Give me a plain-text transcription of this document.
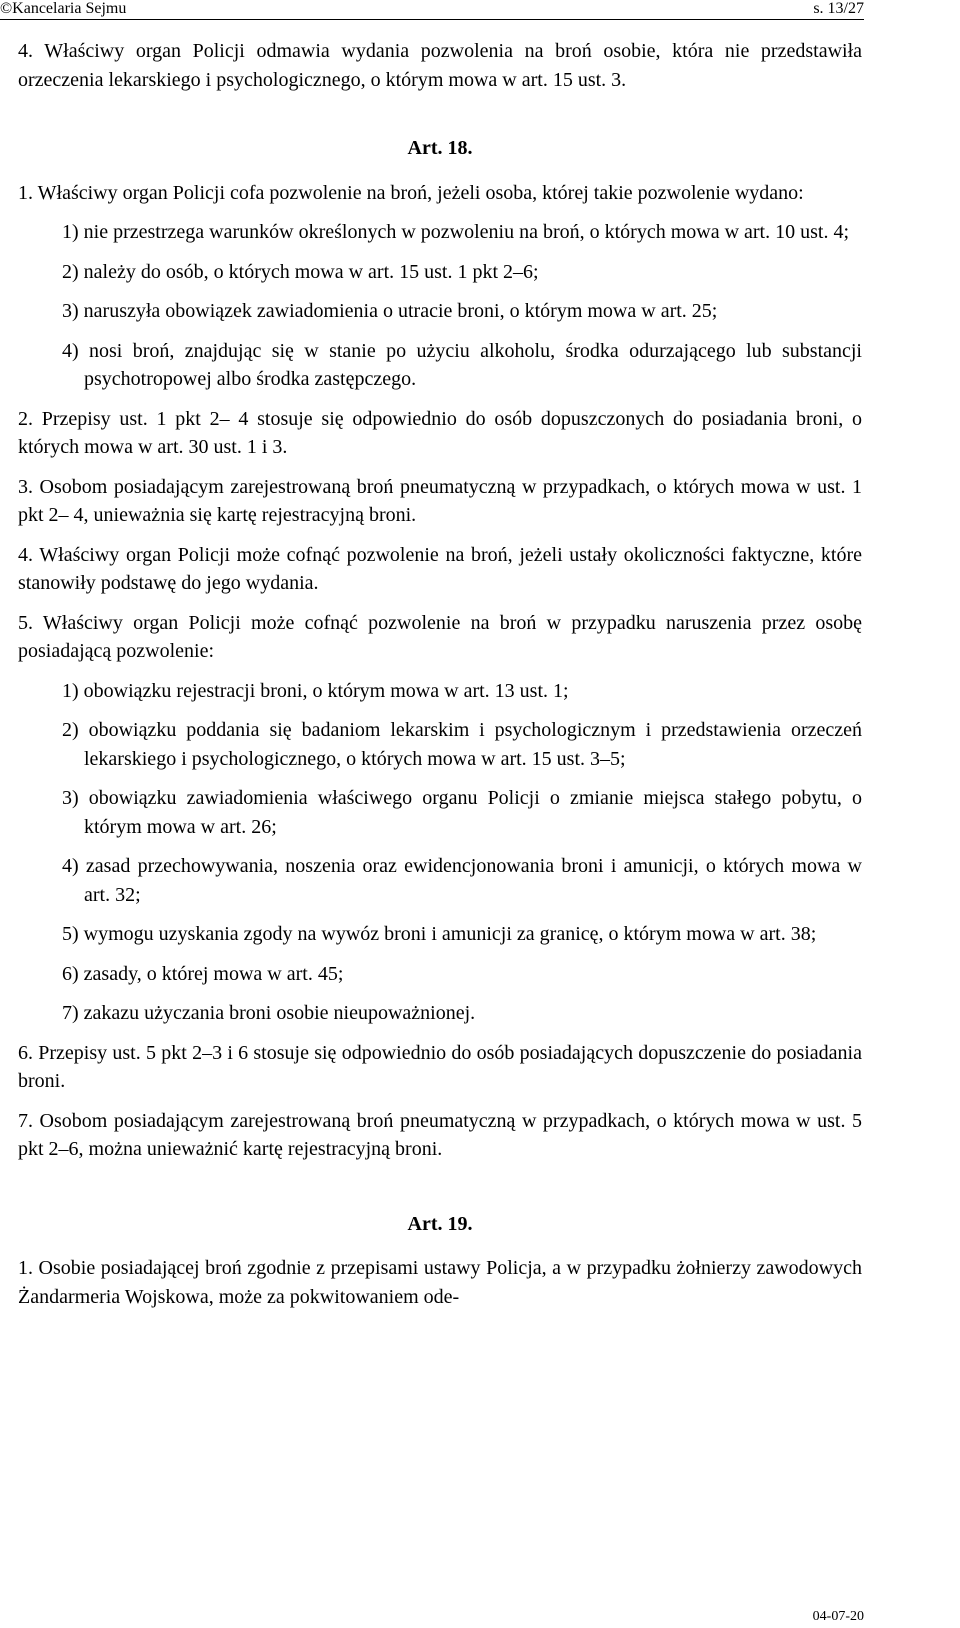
©Kancelaria Sejmu	s. 13/27

4. Właściwy organ Policji odmawia wydania pozwolenia na broń osobie, która nie przedstawiła orzeczenia lekarskiego i psychologicznego, o którym mowa w art. 15 ust. 3.

Art. 18.

1. Właściwy organ Policji cofa pozwolenie na broń, jeżeli osoba, której takie pozwolenie wydano:

1) nie przestrzega warunków określonych w pozwoleniu na broń, o których mowa w art. 10 ust. 4;

2) należy do osób, o których mowa w art. 15 ust. 1 pkt 2–6;

3) naruszyła obowiązek zawiadomienia o utracie broni, o którym mowa w art. 25;

4) nosi broń, znajdując się w stanie po użyciu alkoholu, środka odurzającego lub substancji psychotropowej albo środka zastępczego.

2. Przepisy ust. 1 pkt 2– 4 stosuje się odpowiednio do osób dopuszczonych do posiadania broni, o których mowa w art. 30 ust. 1 i 3.

3. Osobom posiadającym zarejestrowaną broń pneumatyczną w przypadkach, o których mowa w ust. 1 pkt 2– 4, unieważnia się kartę rejestracyjną broni.

4. Właściwy organ Policji może cofnąć pozwolenie na broń, jeżeli ustały okoliczności faktyczne, które stanowiły podstawę do jego wydania.

5. Właściwy organ Policji może cofnąć pozwolenie na broń w przypadku naruszenia przez osobę posiadającą pozwolenie:

1) obowiązku rejestracji broni, o którym mowa w art. 13 ust. 1;

2) obowiązku poddania się badaniom lekarskim i psychologicznym i przedstawienia orzeczeń lekarskiego i psychologicznego, o których mowa w art. 15 ust. 3–5;

3) obowiązku zawiadomienia właściwego organu Policji o zmianie miejsca stałego pobytu, o którym mowa w art. 26;

4) zasad przechowywania, noszenia oraz ewidencjonowania broni i amunicji, o których mowa w art. 32;

5) wymogu uzyskania zgody na wywóz broni i amunicji za granicę, o którym mowa w art. 38;

6) zasady, o której mowa w art. 45;

7) zakazu użyczania broni osobie nieupoważnionej.

6. Przepisy ust. 5 pkt 2–3 i 6 stosuje się odpowiednio do osób posiadających dopuszczenie do posiadania broni.

7. Osobom posiadającym zarejestrowaną broń pneumatyczną w przypadkach, o których mowa w ust. 5 pkt 2–6, można unieważnić kartę rejestracyjną broni.

Art. 19.

1. Osobie posiadającej broń zgodnie z przepisami ustawy Policja, a w przypadku żołnierzy zawodowych Żandarmeria Wojskowa, może za pokwitowaniem ode-

04-07-20
